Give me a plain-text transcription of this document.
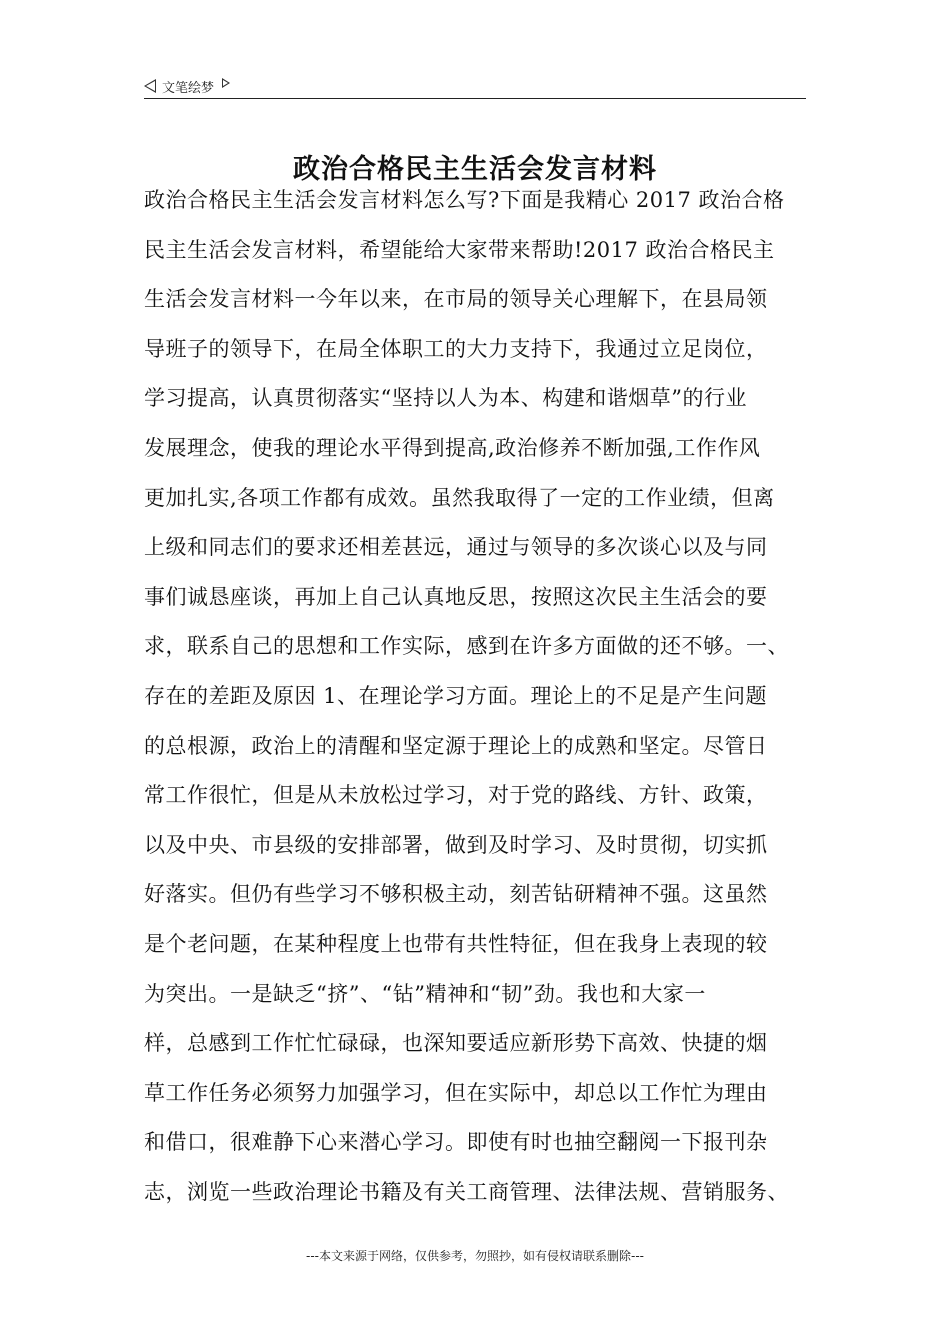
文笔绘梦
政治合格民主生活会发言材料
政治合格民主生活会发言材料怎么写?下面是我精心 2017 政治合格
民主生活会发言材料，希望能给大家带来帮助!2017 政治合格民主
生活会发言材料一今年以来，在市局的领导关心理解下，在县局领
导班子的领导下，在局全体职工的大力支持下，我通过立足岗位，
学习提高，认真贯彻落实“坚持以人为本、构建和谐烟草”的行业
发展理念，使我的理论水平得到提高,政治修养不断加强,工作作风
更加扎实,各项工作都有成效。虽然我取得了一定的工作业绩，但离
上级和同志们的要求还相差甚远，通过与领导的多次谈心以及与同
事们诚恳座谈，再加上自己认真地反思，按照这次民主生活会的要
求，联系自己的思想和工作实际，感到在许多方面做的还不够。一、
存在的差距及原因 1、在理论学习方面。理论上的不足是产生问题
的总根源，政治上的清醒和坚定源于理论上的成熟和坚定。尽管日
常工作很忙，但是从未放松过学习，对于党的路线、方针、政策，
以及中央、市县级的安排部署，做到及时学习、及时贯彻，切实抓
好落实。但仍有些学习不够积极主动，刻苦钻研精神不强。这虽然
是个老问题，在某种程度上也带有共性特征，但在我身上表现的较
为突出。一是缺乏“挤”、“钻”精神和“韧”劲。我也和大家一
样，总感到工作忙忙碌碌，也深知要适应新形势下高效、快捷的烟
草工作任务必须努力加强学习，但在实际中，却总以工作忙为理由
和借口，很难静下心来潜心学习。即使有时也抽空翻阅一下报刊杂
志，浏览一些政治理论书籍及有关工商管理、法律法规、营销服务、
---本文来源于网络，仅供参考，勿照抄，如有侵权请联系删除---
